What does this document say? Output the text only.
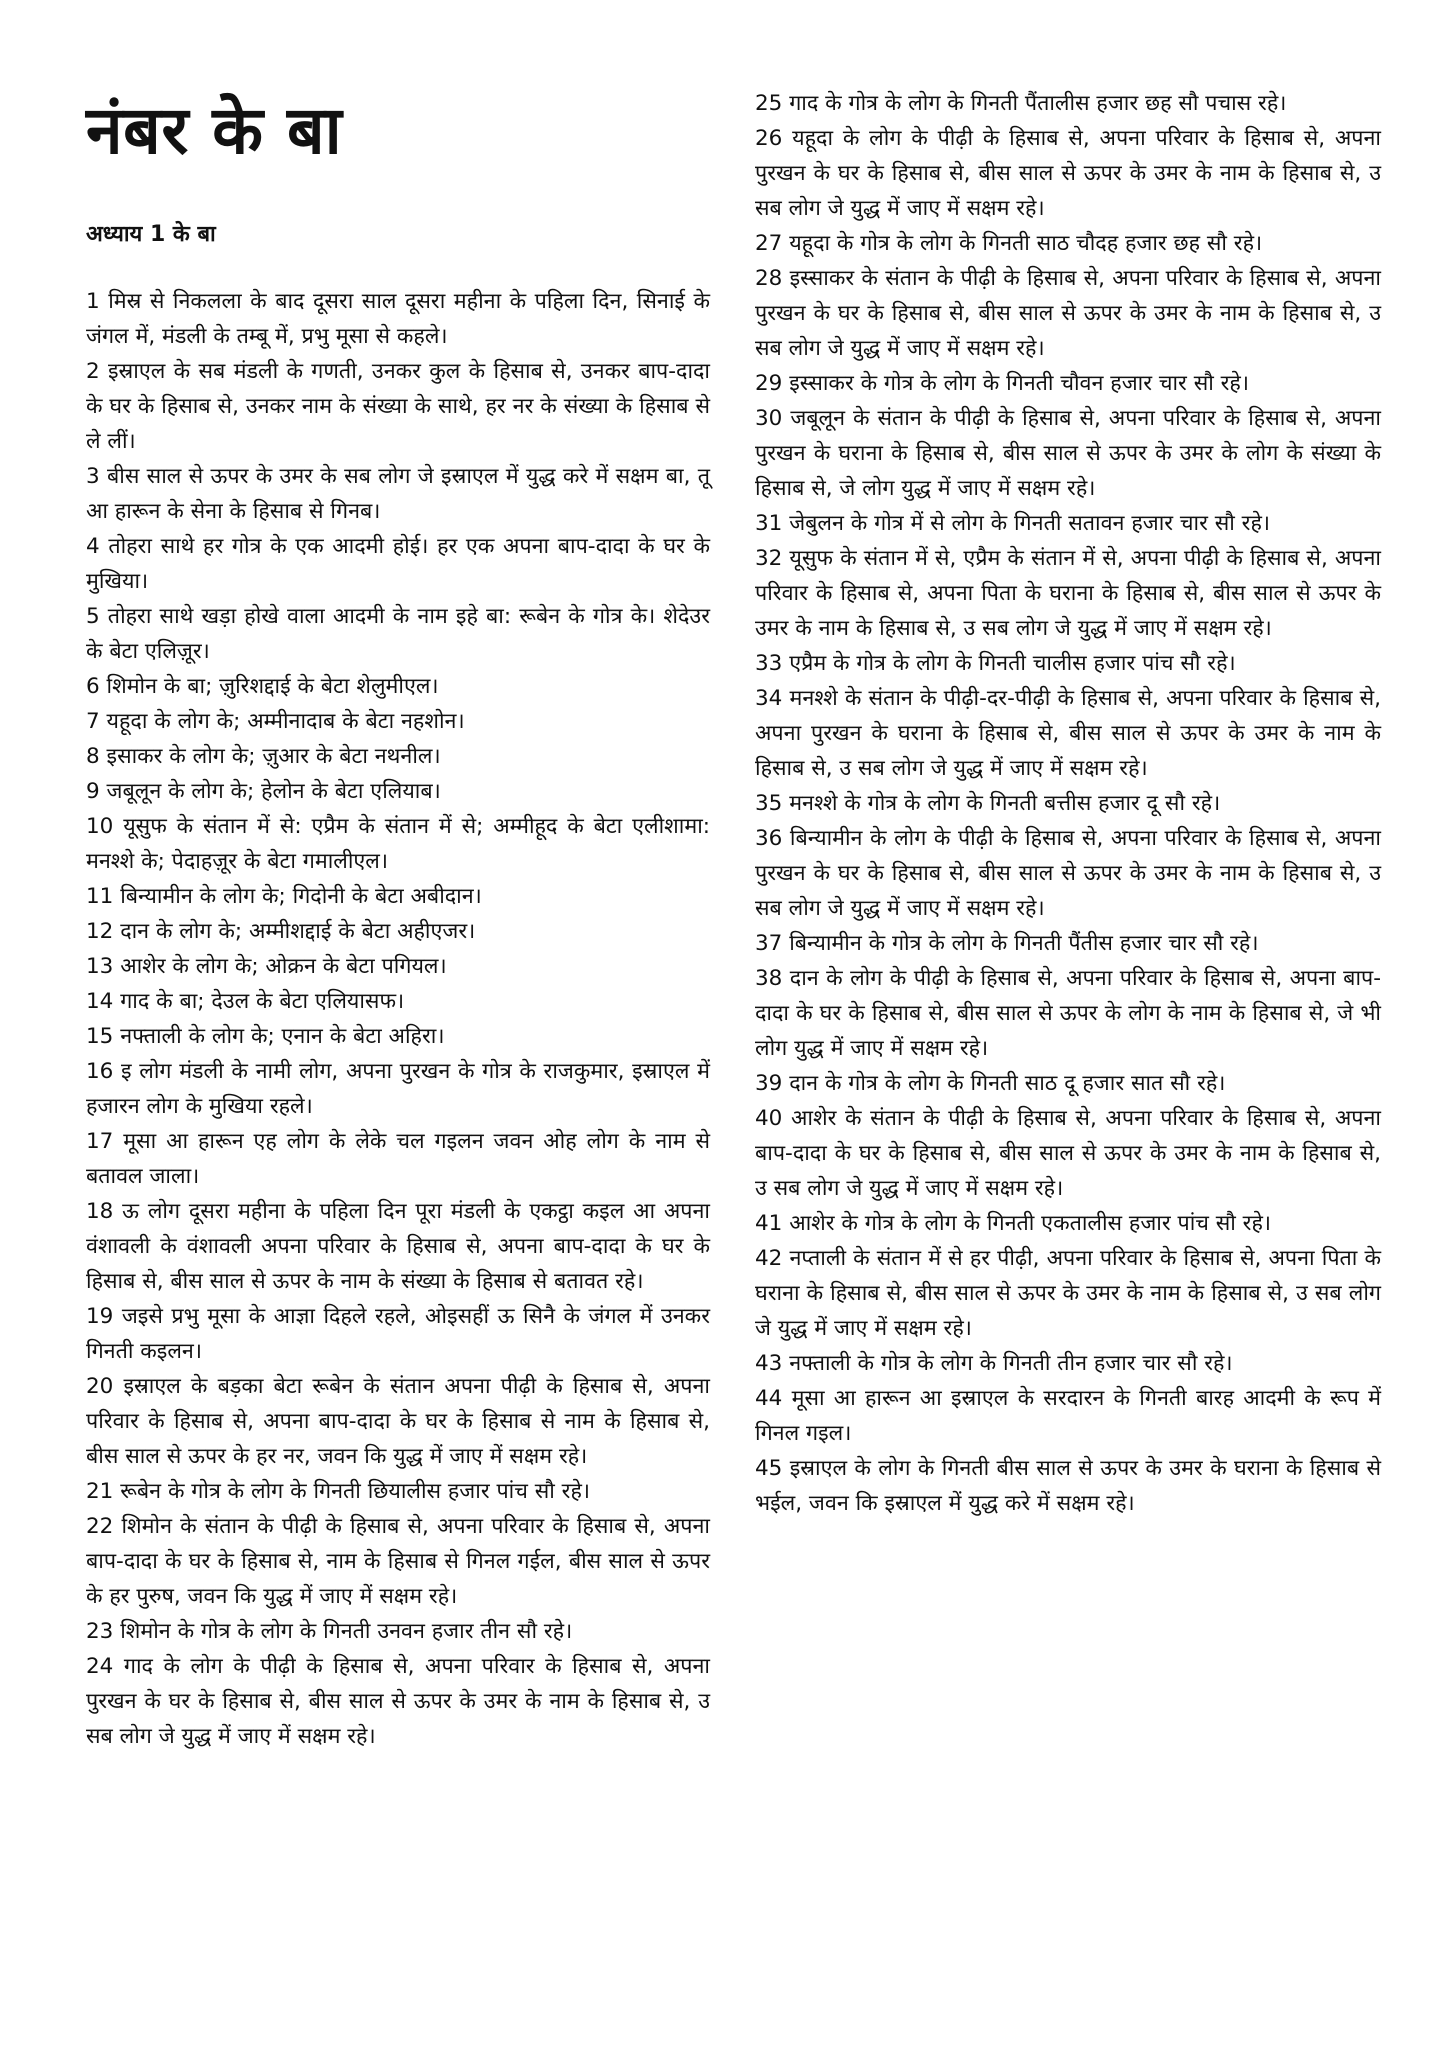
नंबर के बा
अध्याय 1 के बा

1 मिस्र से निकलला के बाद दूसरा साल दूसरा महीना के पहिला दिन, सिनाई के जंगल में, मंडली के तम्बू में, प्रभु मूसा से कहले।

2 इस्राएल के सब मंडली के गणती, उनकर कुल के हिसाब से, उनकर बाप-दादा के घर के हिसाब से, उनकर नाम के संख्या के साथे, हर नर के संख्या के हिसाब से ले लीं।

3 बीस साल से ऊपर के उमर के सब लोग जे इस्राएल में युद्ध करे में सक्षम बा, तू आ हारून के सेना के हिसाब से गिनब।

4 तोहरा साथे हर गोत्र के एक आदमी होई। हर एक अपना बाप-दादा के घर के मुखिया।

5 तोहरा साथे खड़ा होखे वाला आदमी के नाम इहे बा: रूबेन के गोत्र के। शेदेउर के बेटा एलिज़ूर।

6 शिमोन के बा; ज़ुरिशद्दाई के बेटा शेलुमीएल।

7 यहूदा के लोग के; अम्मीनादाब के बेटा नहशोन।

8 इसाकर के लोग के; ज़ुआर के बेटा नथनील।

9 जबूलून के लोग के; हेलोन के बेटा एलियाब।

10 यूसुफ के संतान में से: एप्रैम के संतान में से; अम्मीहूद के बेटा एलीशामा: मनश्शे के; पेदाहज़ूर के बेटा गमालीएल।

11 बिन्यामीन के लोग के; गिदोनी के बेटा अबीदान।

12 दान के लोग के; अम्मीशद्दाई के बेटा अहीएजर।

13 आशेर के लोग के; ओक्रन के बेटा पगियल।

14 गाद के बा; देउल के बेटा एलियासफ।

15 नफ्ताली के लोग के; एनान के बेटा अहिरा।

16 इ लोग मंडली के नामी लोग, अपना पुरखन के गोत्र के राजकुमार, इस्राएल में हजारन लोग के मुखिया रहले।

17 मूसा आ हारून एह लोग के लेके चल गइलन जवन ओह लोग के नाम से बतावल जाला।

18 ऊ लोग दूसरा महीना के पहिला दिन पूरा मंडली के एकट्ठा कइल आ अपना वंशावली के वंशावली अपना परिवार के हिसाब से, अपना बाप-दादा के घर के हिसाब से, बीस साल से ऊपर के नाम के संख्या के हिसाब से बतावत रहे।

19 जइसे प्रभु मूसा के आज्ञा दिहले रहले, ओइसहीं ऊ सिनै के जंगल में उनकर गिनती कइलन।

20 इस्राएल के बड़का बेटा रूबेन के संतान अपना पीढ़ी के हिसाब से, अपना परिवार के हिसाब से, अपना बाप-दादा के घर के हिसाब से नाम के हिसाब से, बीस साल से ऊपर के हर नर, जवन कि युद्ध में जाए में सक्षम रहे।

21 रूबेन के गोत्र के लोग के गिनती छियालीस हजार पांच सौ रहे।

22 शिमोन के संतान के पीढ़ी के हिसाब से, अपना परिवार के हिसाब से, अपना बाप-दादा के घर के हिसाब से, नाम के हिसाब से गिनल गईल, बीस साल से ऊपर के हर पुरुष, जवन कि युद्ध में जाए में सक्षम रहे।

23 शिमोन के गोत्र के लोग के गिनती उनवन हजार तीन सौ रहे।

24 गाद के लोग के पीढ़ी के हिसाब से, अपना परिवार के हिसाब से, अपना पुरखन के घर के हिसाब से, बीस साल से ऊपर के उमर के नाम के हिसाब से, उ सब लोग जे युद्ध में जाए में सक्षम रहे।

25 गाद के गोत्र के लोग के गिनती पैंतालीस हजार छह सौ पचास रहे।

26 यहूदा के लोग के पीढ़ी के हिसाब से, अपना परिवार के हिसाब से, अपना पुरखन के घर के हिसाब से, बीस साल से ऊपर के उमर के नाम के हिसाब से, उ सब लोग जे युद्ध में जाए में सक्षम रहे।

27 यहूदा के गोत्र के लोग के गिनती साठ चौदह हजार छह सौ रहे।

28 इस्साकर के संतान के पीढ़ी के हिसाब से, अपना परिवार के हिसाब से, अपना पुरखन के घर के हिसाब से, बीस साल से ऊपर के उमर के नाम के हिसाब से, उ सब लोग जे युद्ध में जाए में सक्षम रहे।

29 इस्साकर के गोत्र के लोग के गिनती चौवन हजार चार सौ रहे।

30 जबूलून के संतान के पीढ़ी के हिसाब से, अपना परिवार के हिसाब से, अपना पुरखन के घराना के हिसाब से, बीस साल से ऊपर के उमर के लोग के संख्या के हिसाब से, जे लोग युद्ध में जाए में सक्षम रहे।

31 जेबुलन के गोत्र में से लोग के गिनती सतावन हजार चार सौ रहे।

32 यूसुफ के संतान में से, एप्रैम के संतान में से, अपना पीढ़ी के हिसाब से, अपना परिवार के हिसाब से, अपना पिता के घराना के हिसाब से, बीस साल से ऊपर के उमर के नाम के हिसाब से, उ सब लोग जे युद्ध में जाए में सक्षम रहे।

33 एप्रैम के गोत्र के लोग के गिनती चालीस हजार पांच सौ रहे।

34 मनश्शे के संतान के पीढ़ी-दर-पीढ़ी के हिसाब से, अपना परिवार के हिसाब से, अपना पुरखन के घराना के हिसाब से, बीस साल से ऊपर के उमर के नाम के हिसाब से, उ सब लोग जे युद्ध में जाए में सक्षम रहे।

35 मनश्शे के गोत्र के लोग के गिनती बत्तीस हजार दू सौ रहे।

36 बिन्यामीन के लोग के पीढ़ी के हिसाब से, अपना परिवार के हिसाब से, अपना पुरखन के घर के हिसाब से, बीस साल से ऊपर के उमर के नाम के हिसाब से, उ सब लोग जे युद्ध में जाए में सक्षम रहे।

37 बिन्यामीन के गोत्र के लोग के गिनती पैंतीस हजार चार सौ रहे।

38 दान के लोग के पीढ़ी के हिसाब से, अपना परिवार के हिसाब से, अपना बाप-दादा के घर के हिसाब से, बीस साल से ऊपर के लोग के नाम के हिसाब से, जे भी लोग युद्ध में जाए में सक्षम रहे।

39 दान के गोत्र के लोग के गिनती साठ दू हजार सात सौ रहे।

40 आशेर के संतान के पीढ़ी के हिसाब से, अपना परिवार के हिसाब से, अपना बाप-दादा के घर के हिसाब से, बीस साल से ऊपर के उमर के नाम के हिसाब से, उ सब लोग जे युद्ध में जाए में सक्षम रहे।

41 आशेर के गोत्र के लोग के गिनती एकतालीस हजार पांच सौ रहे।

42 नप्ताली के संतान में से हर पीढ़ी, अपना परिवार के हिसाब से, अपना पिता के घराना के हिसाब से, बीस साल से ऊपर के उमर के नाम के हिसाब से, उ सब लोग जे युद्ध में जाए में सक्षम रहे।

43 नफ्ताली के गोत्र के लोग के गिनती तीन हजार चार सौ रहे।

44 मूसा आ हारून आ इस्राएल के सरदारन के गिनती बारह आदमी के रूप में गिनल गइल।

45 इस्राएल के लोग के गिनती बीस साल से ऊपर के उमर के घराना के हिसाब से भईल, जवन कि इस्राएल में युद्ध करे में सक्षम रहे।
